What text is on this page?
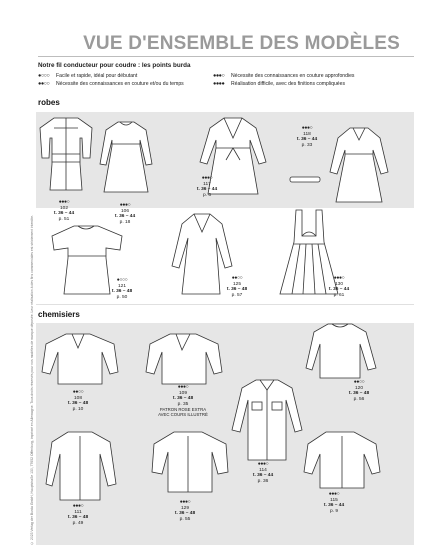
VUE D'ENSEMBLE DES MODÈLES
Notre fil conducteur pour coudre : les points burda
●○○○ Facile et rapide, idéal pour débutant
●●○○ Nécessite des connaissances en couture et/ou du temps
●●●○ Nécessite des connaissances en couture approfondies
●●●● Réalisation difficile, avec des finitions compliquées
© 2023 Verlag der Burda GmbH, Hauptstraße 130, 77652 Offenburg, imprimé en Allemagne. Tous droits réservés pour nos modèles de marque déposée. Leur réalisation à des fins commerciales est strictement interdite.
robes
chemisiers
●●●○
102
t. 36 – 44
p. 51
●●●○
106
t. 36 – 44
p. 18
●●●○
117
t. 36 – 44
p. 6
●●●○
118
t. 36 – 44
p. 33
●○○○
121
t. 36 – 48
p. 50
●●○○
125
t. 36 – 48
p. 57
●●●○
130
t. 36 – 44
p. 61
●●○○
108
t. 36 – 48
p. 10
●●●○
109
t. 36 – 48
p. 35
PATRON ROSE EXTRA AVEC COURS ILLUSTRÉ
●●○○
120
t. 36 – 48
p. 56
●●●○
114
t. 36 – 44
p. 36
●●●○
111
t. 36 – 48
p. 49
●●●○
129
t. 36 – 48
p. 55
●●●○
115
t. 36 – 44
p. 9
